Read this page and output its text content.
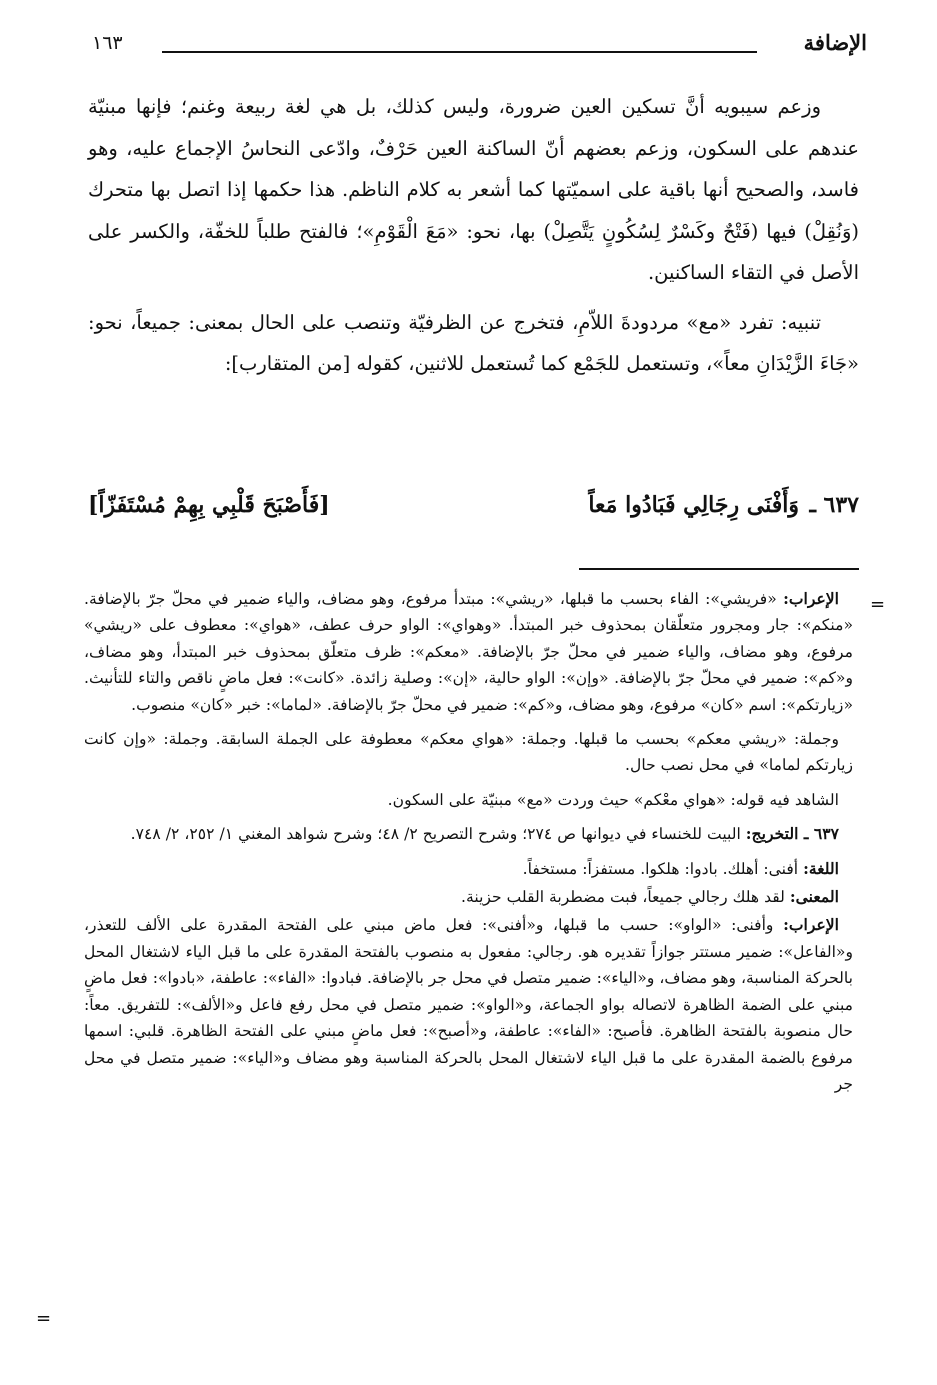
الإضافة
١٦٣

وزعم سيبويه أنَّ تسكين العين ضرورة، وليس كذلك، بل هي لغة ربيعة وغنم؛ فإنها مبنيّة عندهم على السكون، وزعم بعضهم أنّ الساكنة العين حَرْفٌ، وادّعى النحاسُ الإجماع عليه، وهو فاسد، والصحيح أنها باقية على اسميّتها كما أشعر به كلام الناظم. هذا حكمها إذا اتصل بها متحرك (وَنُقِلْ) فيها (فَتْحٌ وكَسْرٌ لِسُكُونٍ يَتَّصِلْ) بها، نحو: «مَعَ الْقَوْمِ»؛ فالفتح طلباً للخفّة، والكسر على الأصل في التقاء الساكنين.

تنبيه: تفرد «مع» مردودةَ اللاّمِ، فتخرج عن الظرفيّة وتنصب على الحال بمعنى: جميعاً، نحو: «جَاءَ الزَّيْدَانِ معاً»، وتستعمل للجَمْع كما تُستعمل للاثنين، كقوله [من المتقارب]:

٦٣٧ ـ
وَأَفْنَى رِجَالِي فَبَادُوا مَعاً
[فَأَصْبَحَ قَلْبِي بِهِمْ مُسْتَفَزّاً]

الإعراب: «فريشي»: الفاء بحسب ما قبلها، «ريشي»: مبتدأ مرفوع، وهو مضاف، والياء ضمير في محلّ جرّ بالإضافة. «منكم»: جار ومجرور متعلّقان بمحذوف خبر المبتدأ. «وهواي»: الواو حرف عطف، «هواي»: معطوف على «ريشي» مرفوع، وهو مضاف، والياء ضمير في محلّ جرّ بالإضافة. «معكم»: ظرف متعلّق بمحذوف خبر المبتدأ، وهو مضاف، و«كم»: ضمير في محلّ جرّ بالإضافة. «وإن»: الواو حالية، «إن»: وصلية زائدة. «كانت»: فعل ماضٍ ناقص والتاء للتأنيث. «زيارتكم»: اسم «كان» مرفوع، وهو مضاف، و«كم»: ضمير في محلّ جرّ بالإضافة. «لماما»: خبر «كان» منصوب.

وجملة: «ريشي معكم» بحسب ما قبلها. وجملة: «هواي معكم» معطوفة على الجملة السابقة. وجملة: «وإن كانت زيارتكم لماما» في محل نصب حال.

الشاهد فيه قوله: «هواي معْكم» حيث وردت «مع» مبنيّة على السكون.

٦٣٧ ـ التخريج: البيت للخنساء في ديوانها ص ٢٧٤؛ وشرح التصريح ٢/ ٤٨؛ وشرح شواهد المغني ١/ ٢٥٢، ٢/ ٧٤٨.

اللغة: أفنى: أهلك. بادوا: هلكوا. مستفزاً: مستخفاً.

المعنى: لقد هلك رجالي جميعاً، فبت مضطربة القلب حزينة.

الإعراب: وأفنى: «الواو»: حسب ما قبلها، و«أفنى»: فعل ماض مبني على الفتحة المقدرة على الألف للتعذر، و«الفاعل»: ضمير مستتر جوازاً تقديره هو. رجالي: مفعول به منصوب بالفتحة المقدرة على ما قبل الياء لاشتغال المحل بالحركة المناسبة، وهو مضاف، و«الياء»: ضمير متصل في محل جر بالإضافة. فبادوا: «الفاء»: عاطفة، «بادوا»: فعل ماضٍ مبني على الضمة الظاهرة لاتصاله بواو الجماعة، و«الواو»: ضمير متصل في محل رفع فاعل و«الألف»: للتفريق. معاً: حال منصوبة بالفتحة الظاهرة. فأصبح: «الفاء»: عاطفة، و«أصبح»: فعل ماضٍ مبني على الفتحة الظاهرة. قلبي: اسمها مرفوع بالضمة المقدرة على ما قبل الياء لاشتغال المحل بالحركة المناسبة وهو مضاف و«الياء»: ضمير متصل في محل جر

=
=
